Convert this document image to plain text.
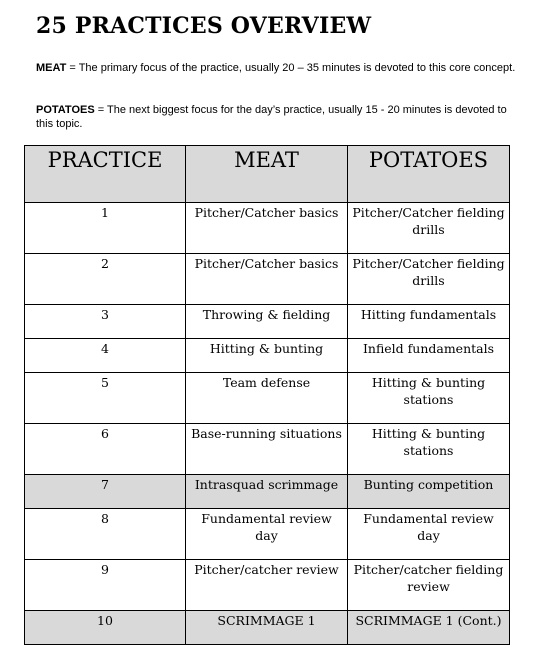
25 PRACTICES OVERVIEW

MEAT = The primary focus of the practice, usually 20 – 35 minutes is devoted to this core concept.

POTATOES = The next biggest focus for the day’s practice, usually 15 - 20 minutes is devoted to this topic.

PRACTICE	MEAT	POTATOES
1	Pitcher/Catcher basics	Pitcher/Catcher fielding drills
2	Pitcher/Catcher basics	Pitcher/Catcher fielding drills
3	Throwing & fielding	Hitting fundamentals
4	Hitting & bunting	Infield fundamentals
5	Team defense	Hitting & bunting stations
6	Base-running situations	Hitting & bunting stations
7	Intrasquad scrimmage	Bunting competition
8	Fundamental review day	Fundamental review day
9	Pitcher/catcher review	Pitcher/catcher fielding review
10	SCRIMMAGE 1	SCRIMMAGE 1 (Cont.)
